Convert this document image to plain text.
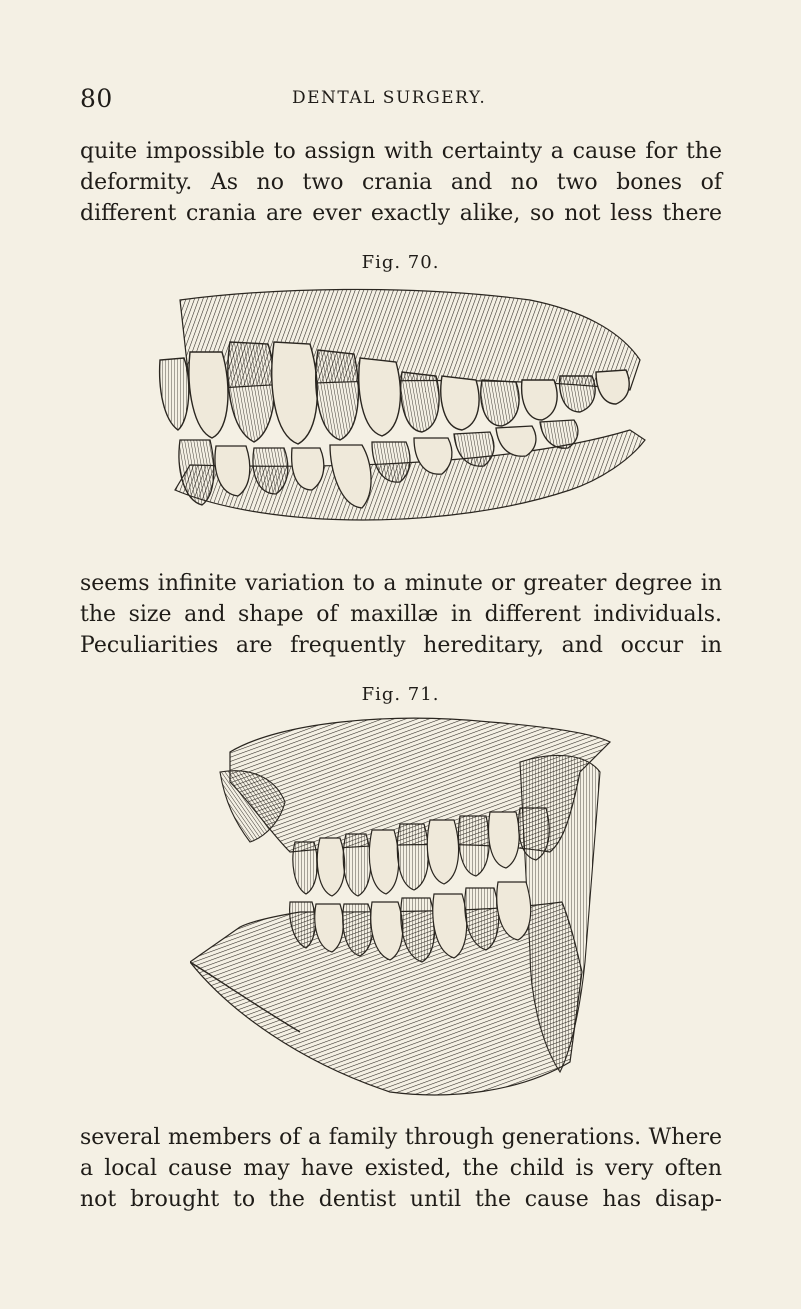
80	DENTAL SURGERY.

quite impossible to assign with certainty a cause for the
deformity. As no two crania and no two bones of
different crania are ever exactly alike, so not less there

Fig. 70.

seems infinite variation to a minute or greater degree in
the size and shape of maxillæ in different individuals.
Peculiarities are frequently hereditary, and occur in

Fig. 71.

several members of a family through generations. Where
a local cause may have existed, the child is very often
not brought to the dentist until the cause has disap-
